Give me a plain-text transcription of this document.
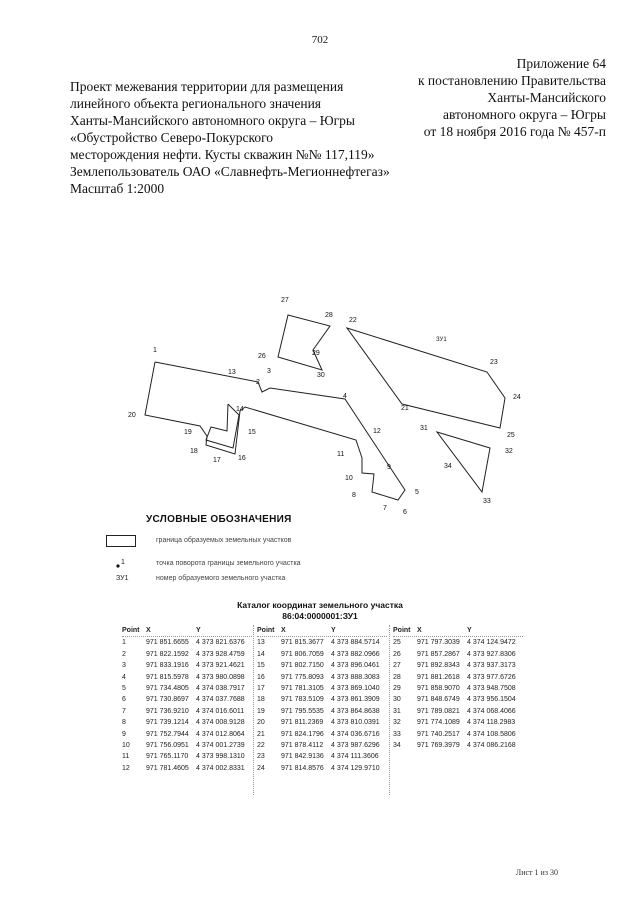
702
Приложение 64
к постановлению Правительства
Ханты-Мансийского
автономного округа – Югры
от 18 ноября 2016 года № 457-п
Проект межевания территории для размещения
линейного объекта регионального значения
Ханты-Мансийского автономного округа – Югры
«Обустройство Северо-Покурского
месторождения нефти. Кусты скважин №№ 117,119»
Землепользователь ОАО «Славнефть-Мегионнефтегаз»
Масштаб 1:2000
1
2
3
4
5
6
7
8
9
10
11
12
13
14
15
16
17
18
19
20
21
22
23
24
25
26
27
28
29
30
31
32
33
34
ЗУ1
УСЛОВНЫЕ ОБОЗНАЧЕНИЯ
граница образуемых земельных участков
1	точка поворота границы земельного участка
ЗУ1	номер образуемого земельного участка
Каталог координат земельного участка
86:04:0000001:ЗУ1
Point X	Y
1	971 851.6655	4 373 821.6376
2	971 822.1592	4 373 928.4759
3	971 833.1916	4 373 921.4621
4	971 815.5978	4 373 980.0898
5	971 734.4805	4 374 038.7917
6	971 730.8697	4 374 037.7688
7	971 736.9210	4 374 016.6011
8	971 739.1214	4 374 008.9128
9	971 752.7944	4 374 012.8064
10	971 756.0951	4 374 001.2739
11	971 765.1170	4 373 998.1310
12	971 781.4605	4 374 002.8331
Point X	Y
13	971 815.3677	4 373 884.5714
14	971 806.7059	4 373 882.0966
15	971 802.7150	4 373 896.0461
16	971 775.8093	4 373 888.3083
17	971 781.3105	4 373 869.1040
18	971 783.5109	4 373 861.3909
19	971 795.5535	4 373 864.8638
20	971 811.2369	4 373 810.0391
21	971 824.1796	4 374 036.6716
22	971 878.4112	4 373 987.6296
23	971 842.9136	4 374 111.3606
24	971 814.8576	4 374 129.9710
Point X	Y
25	971 797.3039	4 374 124.9472
26	971 857.2867	4 373 927.8306
27	971 892.8343	4 373 937.3173
28	971 881.2618	4 373 977.6726
29	971 858.9070	4 373 948.7508
30	971 848.6749	4 373 956.1504
31	971 789.0821	4 374 068.4066
32	971 774.1089	4 374 118.2983
33	971 740.2517	4 374 108.5806
34	971 769.3979	4 374 086.2168
Лист 1 из 30
